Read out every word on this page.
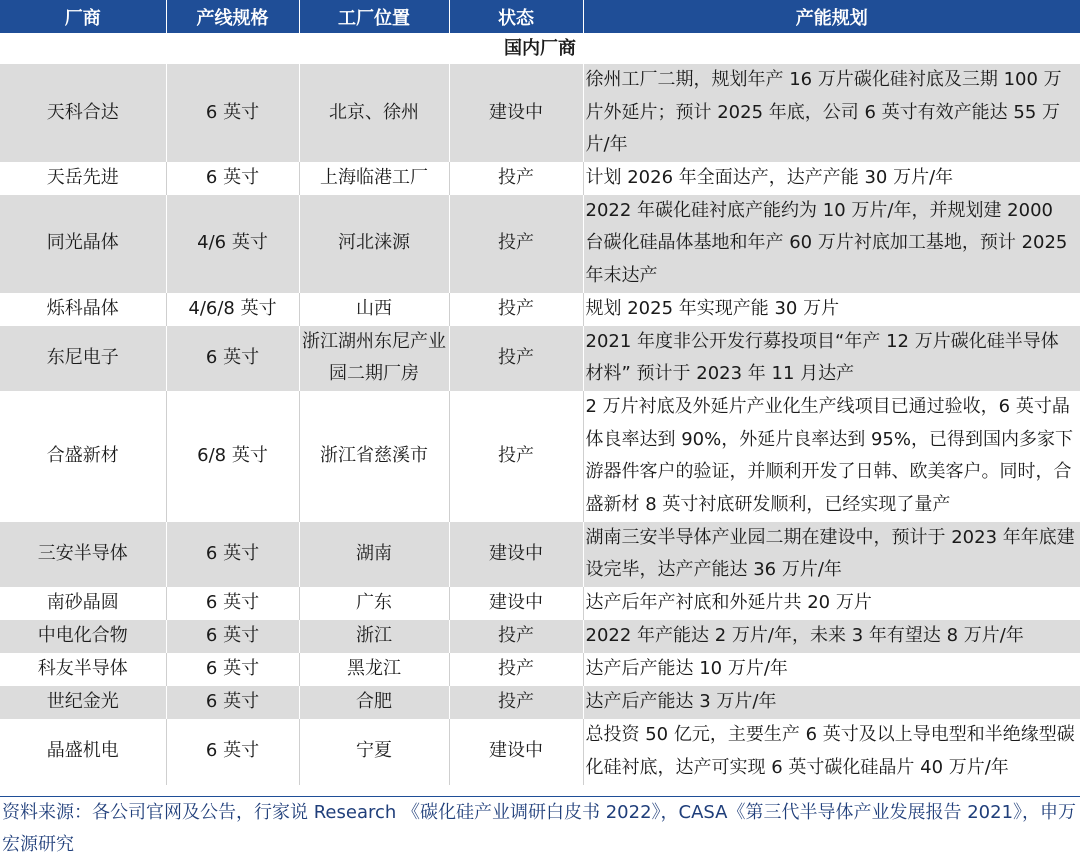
厂商	产线规格	工厂位置	状态	产能规划
国内厂商				
天科合达	6 英寸	北京、徐州	建设中	徐州工厂二期，规划年产 16 万片碳化硅衬底及三期 100 万片外延片；预计 2025 年底，公司 6 英寸有效产能达 55 万片/年
天岳先进	6 英寸	上海临港工厂	投产	计划 2026 年全面达产，达产产能 30 万片/年
同光晶体	4/6 英寸	河北涞源	投产	2022 年碳化硅衬底产能约为 10 万片/年，并规划建 2000 台碳化硅晶体基地和年产 60 万片衬底加工基地，预计 2025 年末达产
烁科晶体	4/6/8 英寸	山西	投产	规划 2025 年实现产能 30 万片
东尼电子	6 英寸	浙江湖州东尼产业园二期厂房	投产	2021 年度非公开发行募投项目“年产 12 万片碳化硅半导体材料” 预计于 2023 年 11 月达产
合盛新材	6/8 英寸	浙江省慈溪市	投产	2 万片衬底及外延片产业化生产线项目已通过验收，6 英寸晶体良率达到 90%，外延片良率达到 95%，已得到国内多家下游器件客户的验证，并顺利开发了日韩、欧美客户。同时，合盛新材 8 英寸衬底研发顺利，已经实现了量产
三安半导体	6 英寸	湖南	建设中	湖南三安半导体产业园二期在建设中，预计于 2023 年年底建设完毕，达产产能达 36 万片/年
南砂晶圆	6 英寸	广东	建设中	达产后年产衬底和外延片共 20 万片
中电化合物	6 英寸	浙江	投产	2022 年产能达 2 万片/年，未来 3 年有望达 8 万片/年
科友半导体	6 英寸	黑龙江	投产	达产后产能达 10 万片/年
世纪金光	6 英寸	合肥	投产	达产后产能达 3 万片/年
晶盛机电	6 英寸	宁夏	建设中	总投资 50 亿元，主要生产 6 英寸及以上导电型和半绝缘型碳化硅衬底，达产可实现 6 英寸碳化硅晶片 40 万片/年
资料来源：各公司官网及公告，行家说 Research 《碳化硅产业调研白皮书 2022》，CASA《第三代半导体产业发展报告 2021》，申万宏源研究
